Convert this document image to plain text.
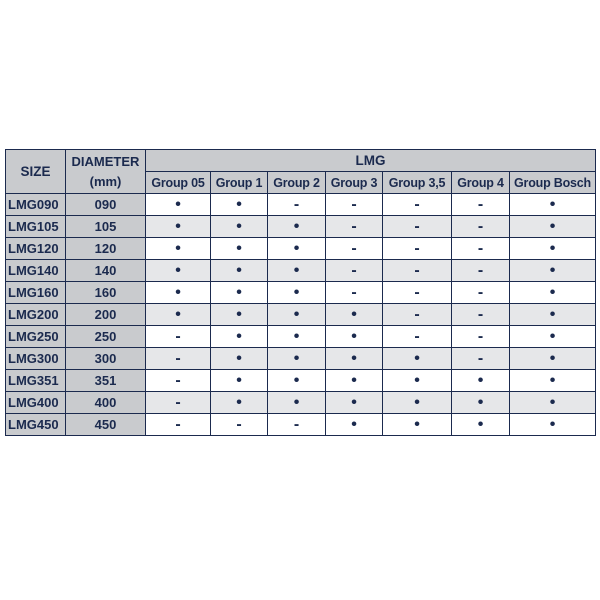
SIZE	DIAMETER
(mm)	LMG						
		Group 05	Group 1	Group 2	Group 3	Group 3,5	Group 4	Group Bosch
LMG090	090	•	•	-	-	-	-	•
LMG105	105	•	•	•	-	-	-	•
LMG120	120	•	•	•	-	-	-	•
LMG140	140	•	•	•	-	-	-	•
LMG160	160	•	•	•	-	-	-	•
LMG200	200	•	•	•	•	-	-	•
LMG250	250	-	•	•	•	-	-	•
LMG300	300	-	•	•	•	•	-	•
LMG351	351	-	•	•	•	•	•	•
LMG400	400	-	•	•	•	•	•	•
LMG450	450	-	-	-	•	•	•	•
